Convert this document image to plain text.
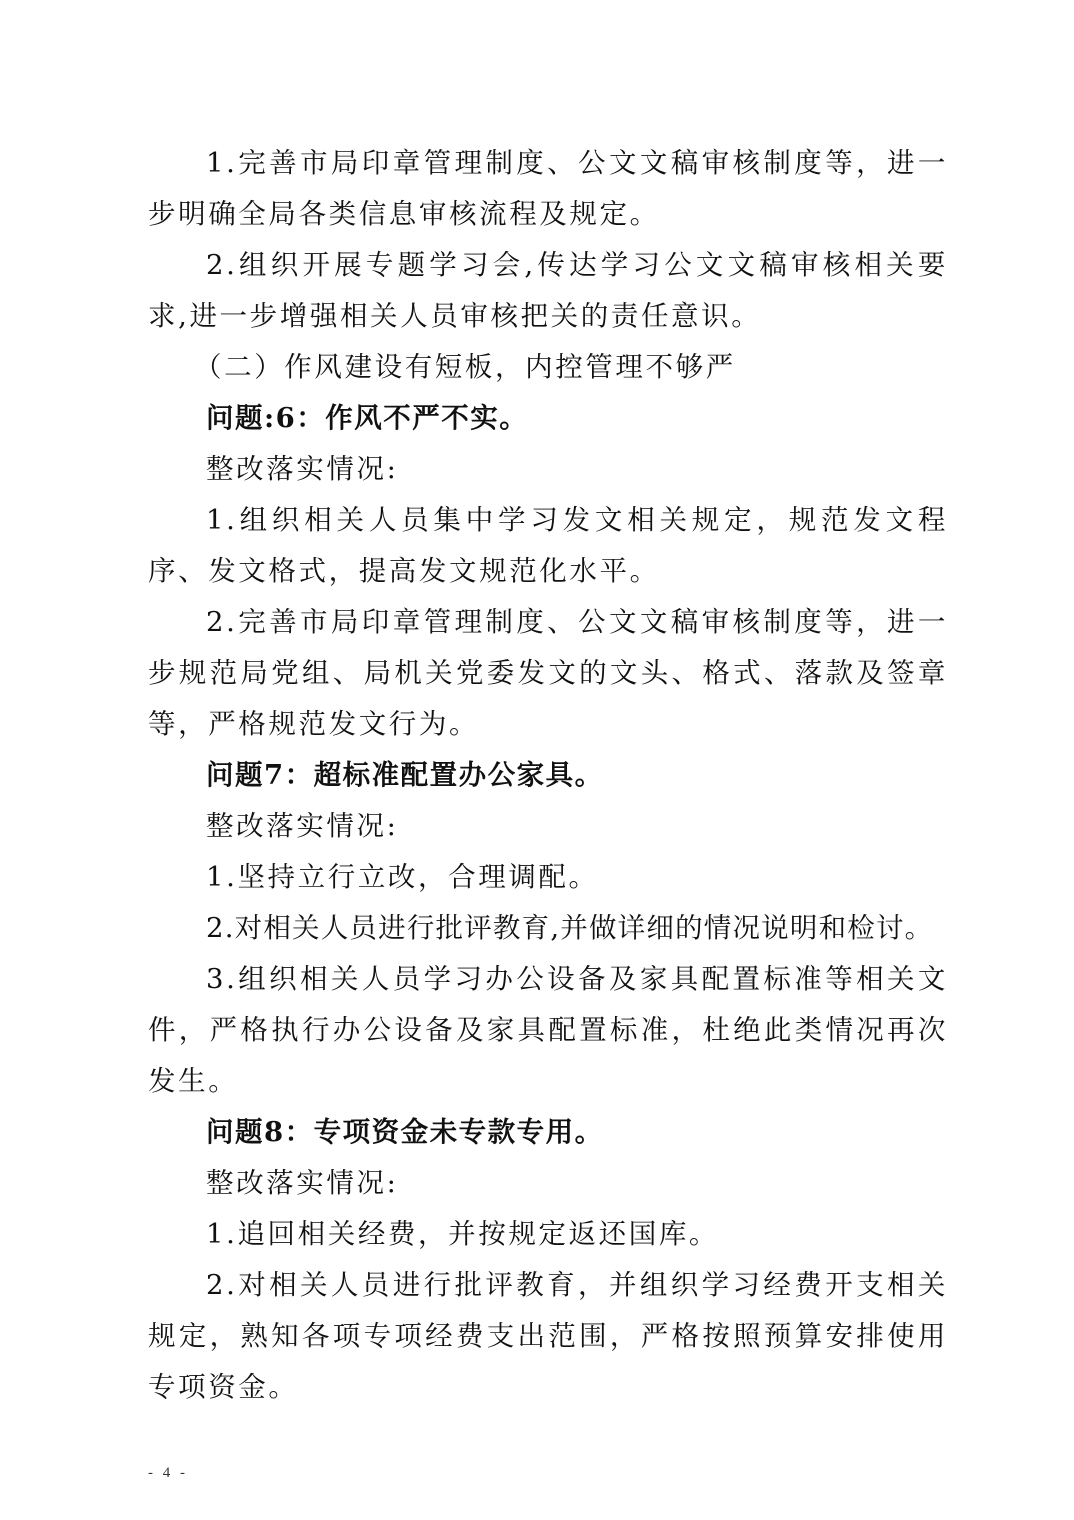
1.完善市局印章管理制度、公文文稿审核制度等，进一步明确全局各类信息审核流程及规定。

2.组织开展专题学习会,传达学习公文文稿审核相关要求,进一步增强相关人员审核把关的责任意识。

（二）作风建设有短板，内控管理不够严

问题:6：作风不严不实。

整改落实情况:

1.组织相关人员集中学习发文相关规定，规范发文程序、发文格式，提高发文规范化水平。

2.完善市局印章管理制度、公文文稿审核制度等，进一步规范局党组、局机关党委发文的文头、格式、落款及签章等，严格规范发文行为。

问题7：超标准配置办公家具。

整改落实情况:

1.坚持立行立改，合理调配。

2.对相关人员进行批评教育,并做详细的情况说明和检讨。

3.组织相关人员学习办公设备及家具配置标准等相关文件，严格执行办公设备及家具配置标准，杜绝此类情况再次发生。

问题8：专项资金未专款专用。

整改落实情况:

1.追回相关经费，并按规定返还国库。

2.对相关人员进行批评教育，并组织学习经费开支相关规定，熟知各项专项经费支出范围，严格按照预算安排使用专项资金。

- 4 -
